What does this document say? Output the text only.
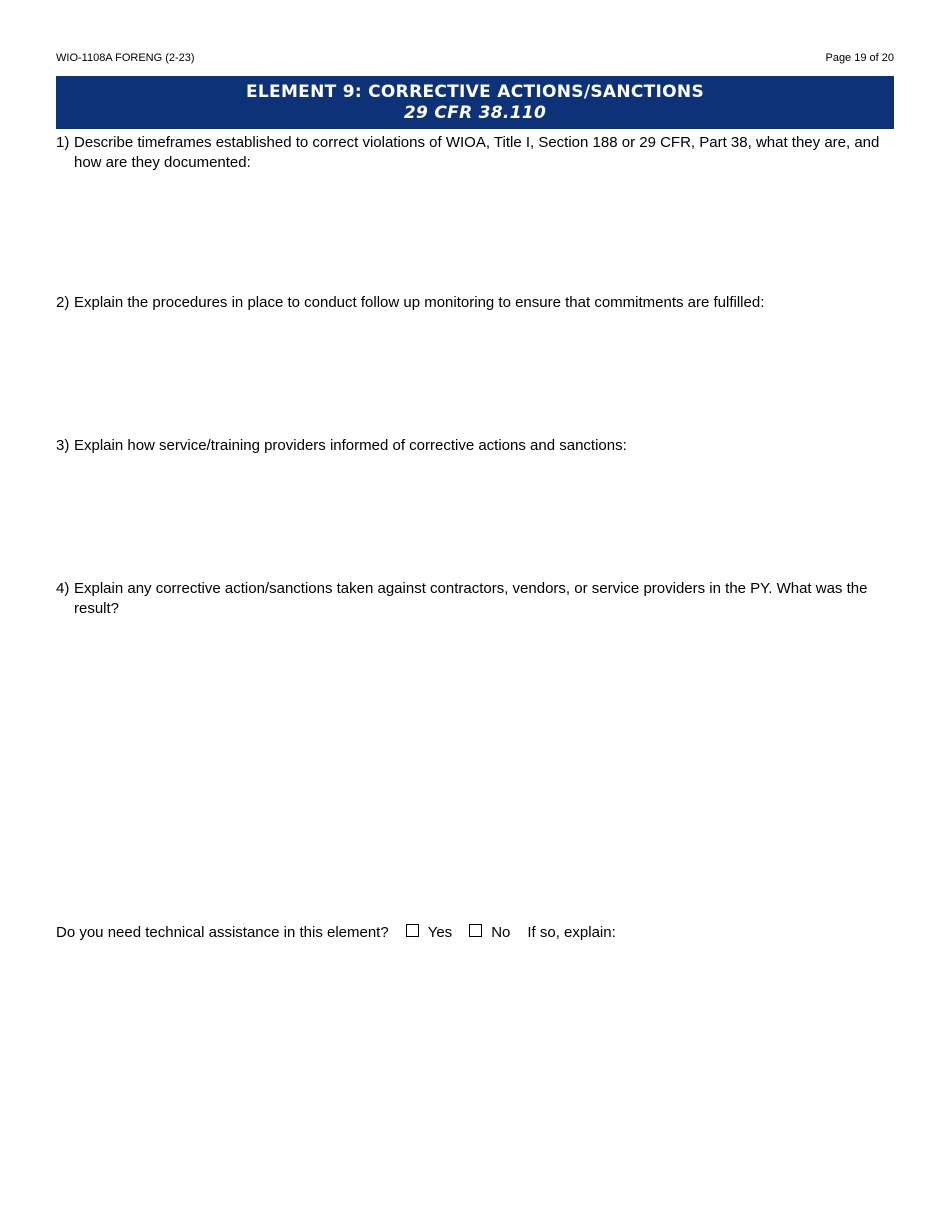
WIO-1108A FORENG (2-23)	Page 19 of 20
ELEMENT 9: CORRECTIVE ACTIONS/SANCTIONS
29 CFR 38.110
1) Describe timeframes established to correct violations of WIOA, Title I, Section 188 or 29 CFR, Part 38, what they are, and how are they documented:
2) Explain the procedures in place to conduct follow up monitoring to ensure that commitments are fulfilled:
3) Explain how service/training providers informed of corrective actions and sanctions:
4) Explain any corrective action/sanctions taken against contractors, vendors, or service providers in the PY. What was the result?
Do you need technical assistance in this element?	Yes	No If so, explain:
